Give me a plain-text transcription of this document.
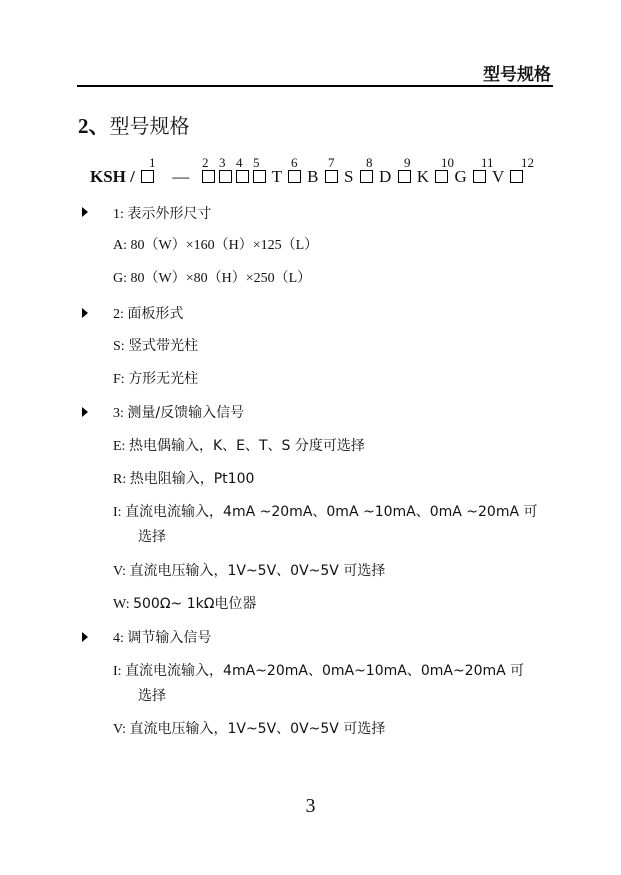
型号规格
2、型号规格
1	2 3 4 5 6 7 8 9 10 11 12
KSH / —	T B S D K G V
1: 表示外形尺寸
A: 80（W）×160（H）×125（L）
G: 80（W）×80（H）×250（L）
2: 面板形式
S: 竖式带光柱
F: 方形无光柱
3: 测量/反馈输入信号
E: 热电偶输入，K、E、T、S 分度可选择
R: 热电阻输入，Pt100
I: 直流电流输入，4mA ~20mA、0mA ~10mA、0mA ~20mA 可
选择
V: 直流电压输入，1V~5V、0V~5V 可选择
W: 500Ω~ 1kΩ电位器
4: 调节输入信号
I: 直流电流输入，4mA~20mA、0mA~10mA、0mA~20mA 可
选择
V: 直流电压输入，1V~5V、0V~5V 可选择
3
